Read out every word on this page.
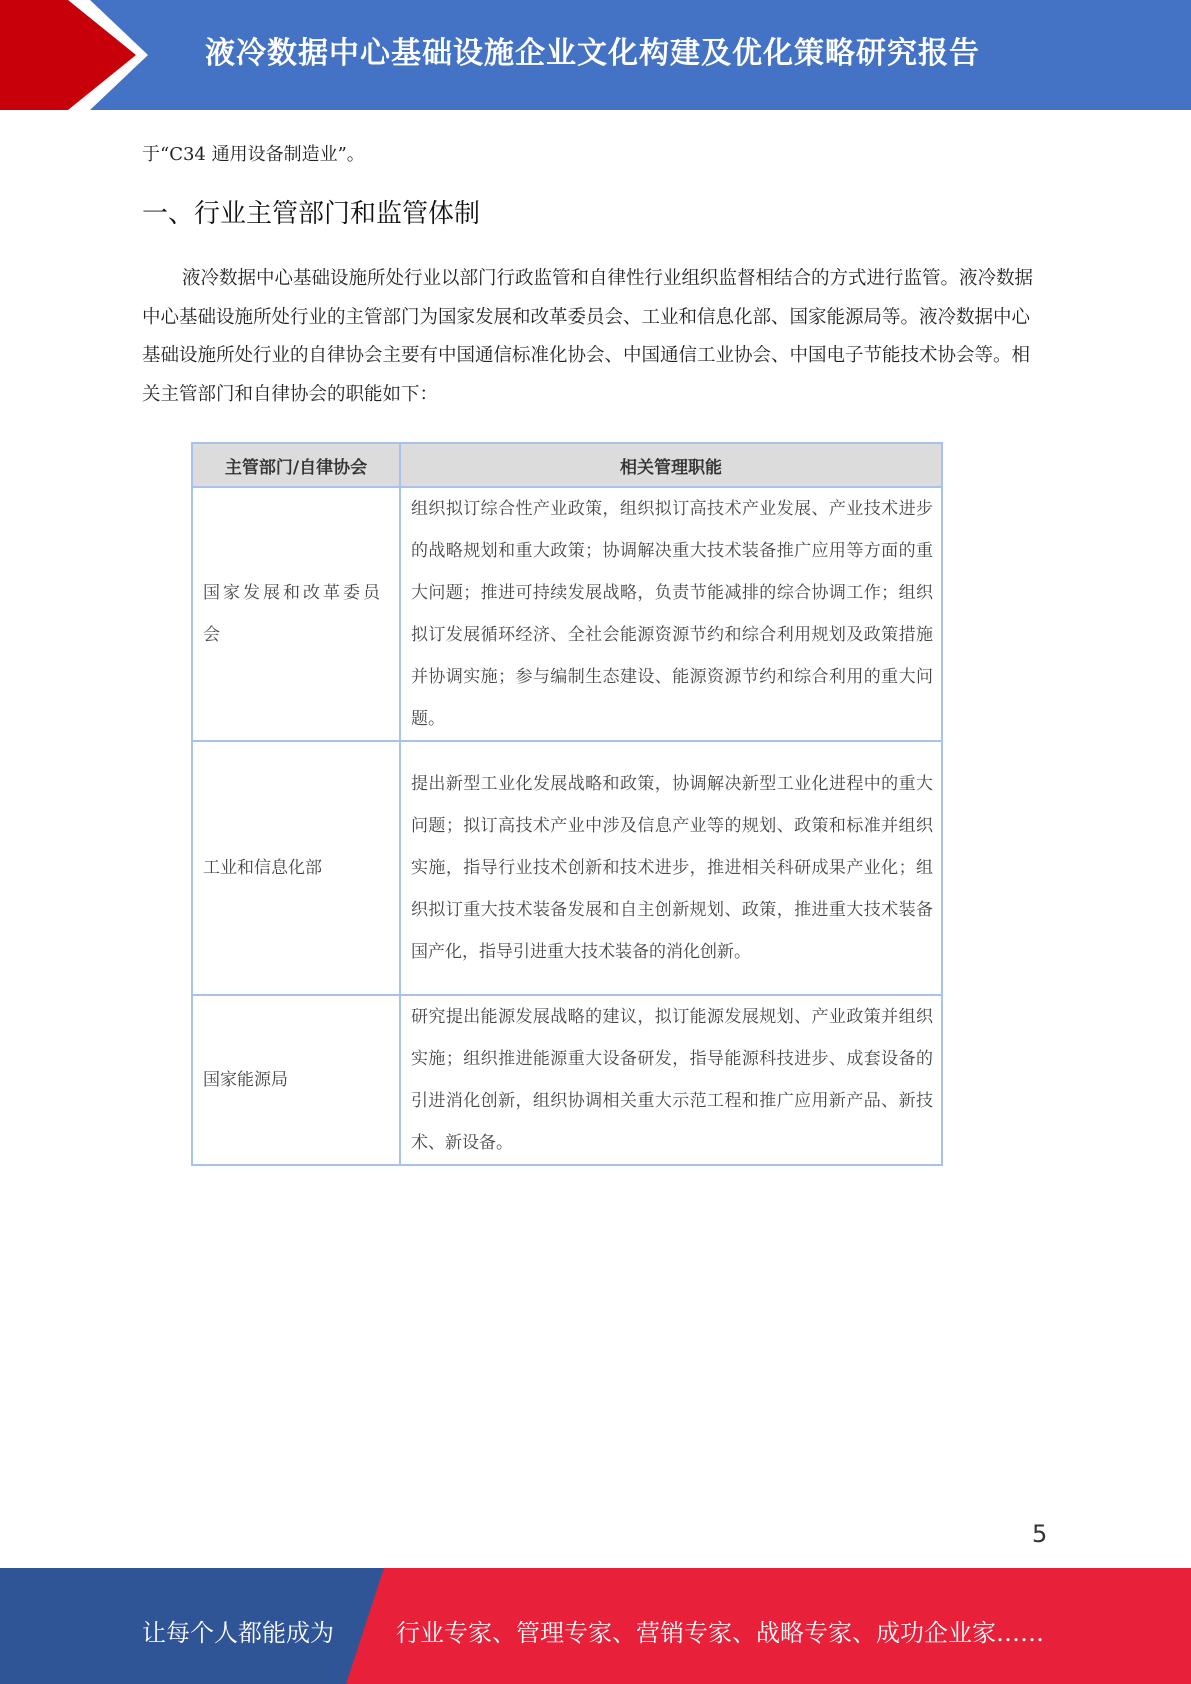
液冷数据中心基础设施企业文化构建及优化策略研究报告
于“C34 通用设备制造业”。
一、行业主管部门和监管体制

液冷数据中心基础设施所处行业以部门行政监管和自律性行业组织监督相结合的方式进行监管。液冷数据中心基础设施所处行业的主管部门为国家发展和改革委员会、工业和信息化部、国家能源局等。液冷数据中心基础设施所处行业的自律协会主要有中国通信标准化协会、中国通信工业协会、中国电子节能技术协会等。相关主管部门和自律协会的职能如下：

主管部门/自律协会	相关管理职能
国家发展和改革委员会	组织拟订综合性产业政策，组织拟订高技术产业发展、产业技术进步的战略规划和重大政策；协调解决重大技术装备推广应用等方面的重大问题；推进可持续发展战略，负责节能减排的综合协调工作；组织拟订发展循环经济、全社会能源资源节约和综合利用规划及政策措施并协调实施；参与编制生态建设、能源资源节约和综合利用的重大问题。
工业和信息化部	提出新型工业化发展战略和政策，协调解决新型工业化进程中的重大问题；拟订高技术产业中涉及信息产业等的规划、政策和标准并组织实施，指导行业技术创新和技术进步，推进相关科研成果产业化；组织拟订重大技术装备发展和自主创新规划、政策，推进重大技术装备国产化，指导引进重大技术装备的消化创新。
国家能源局	研究提出能源发展战略的建议，拟订能源发展规划、产业政策并组织实施；组织推进能源重大设备研发，指导能源科技进步、成套设备的引进消化创新，组织协调相关重大示范工程和推广应用新产品、新技术、新设备。
5
让每个人都能成为	行业专家、管理专家、营销专家、战略专家、成功企业家……
